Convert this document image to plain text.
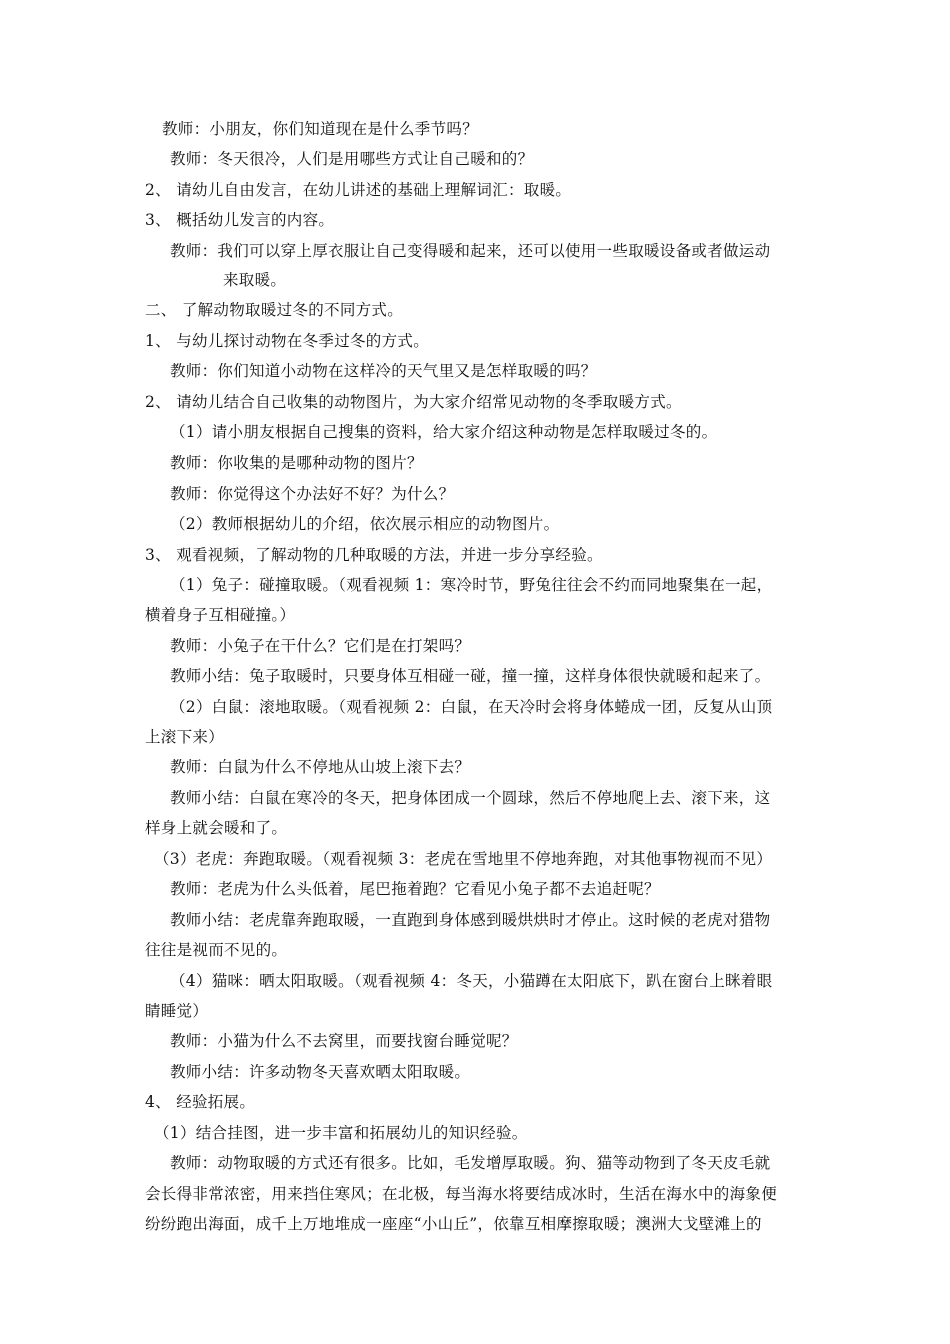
教师：小朋友，你们知道现在是什么季节吗？
教师：冬天很冷，人们是用哪些方式让自己暖和的？
2、 请幼儿自由发言，在幼儿讲述的基础上理解词汇：取暖。
3、 概括幼儿发言的内容。
教师：我们可以穿上厚衣服让自己变得暖和起来，还可以使用一些取暖设备或者做运动
来取暖。
二、 了解动物取暖过冬的不同方式。
1、 与幼儿探讨动物在冬季过冬的方式。
教师：你们知道小动物在这样冷的天气里又是怎样取暖的吗？
2、 请幼儿结合自己收集的动物图片，为大家介绍常见动物的冬季取暖方式。
（1）请小朋友根据自己搜集的资料，给大家介绍这种动物是怎样取暖过冬的。
教师：你收集的是哪种动物的图片？
教师：你觉得这个办法好不好？为什么？
（2）教师根据幼儿的介绍，依次展示相应的动物图片。
3、 观看视频，了解动物的几种取暖的方法，并进一步分享经验。
（1）兔子：碰撞取暖。（观看视频 1：寒冷时节，野兔往往会不约而同地聚集在一起，
横着身子互相碰撞。）
教师：小兔子在干什么？它们是在打架吗？
教师小结：兔子取暖时，只要身体互相碰一碰，撞一撞，这样身体很快就暖和起来了。
（2）白鼠：滚地取暖。（观看视频 2：白鼠，在天冷时会将身体蜷成一团，反复从山顶
上滚下来）
教师：白鼠为什么不停地从山坡上滚下去？
教师小结：白鼠在寒冷的冬天，把身体团成一个圆球，然后不停地爬上去、滚下来，这
样身上就会暖和了。
（3）老虎：奔跑取暖。（观看视频 3：老虎在雪地里不停地奔跑，对其他事物视而不见）
教师：老虎为什么头低着，尾巴拖着跑？它看见小兔子都不去追赶呢？
教师小结：老虎靠奔跑取暖，一直跑到身体感到暖烘烘时才停止。这时候的老虎对猎物
往往是视而不见的。
（4）猫咪：晒太阳取暖。（观看视频 4：冬天，小猫蹲在太阳底下，趴在窗台上眯着眼
睛睡觉）
教师：小猫为什么不去窝里，而要找窗台睡觉呢？
教师小结：许多动物冬天喜欢晒太阳取暖。
4、 经验拓展。
（1）结合挂图，进一步丰富和拓展幼儿的知识经验。
教师：动物取暖的方式还有很多。比如，毛发增厚取暖。狗、猫等动物到了冬天皮毛就
会长得非常浓密，用来挡住寒风；在北极，每当海水将要结成冰时，生活在海水中的海象便
纷纷跑出海面，成千上万地堆成一座座“小山丘”，依靠互相摩擦取暖；澳洲大戈壁滩上的
